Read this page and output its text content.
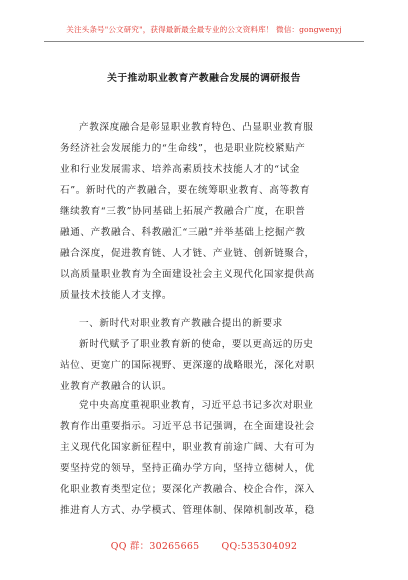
关注头条号"公文研究"，获得最新最全最专业的公文资料库！ 微信：gongwenyj
关于推动职业教育产教融合发展的调研报告
产教深度融合是彰显职业教育特色、凸显职业教育服
务经济社会发展能力的“生命线”，也是职业院校紧贴产
业和行业发展需求、培养高素质技术技能人才的“试金
石”。新时代的产教融合，要在统筹职业教育、高等教育
继续教育“三教”协同基础上拓展产教融合广度，在职普
融通、产教融合、科教融汇“三融”并举基础上挖掘产教
融合深度，促进教育链、人才链、产业链、创新链聚合，
以高质量职业教育为全面建设社会主义现代化国家提供高
质量技术技能人才支撑。
一、新时代对职业教育产教融合提出的新要求
新时代赋予了职业教育新的使命，要以更高远的历史
站位、更宽广的国际视野、更深邃的战略眼光，深化对职
业教育产教融合的认识。
党中央高度重视职业教育，习近平总书记多次对职业
教育作出重要指示。习近平总书记强调，在全面建设社会
主义现代化国家新征程中，职业教育前途广阔、大有可为
要坚持党的领导，坚持正确办学方向，坚持立德树人，优
化职业教育类型定位；要深化产教融合、校企合作，深入
推进育人方式、办学模式、管理体制、保障机制改革，稳
QQ 群：30265665 QQ:535304092
